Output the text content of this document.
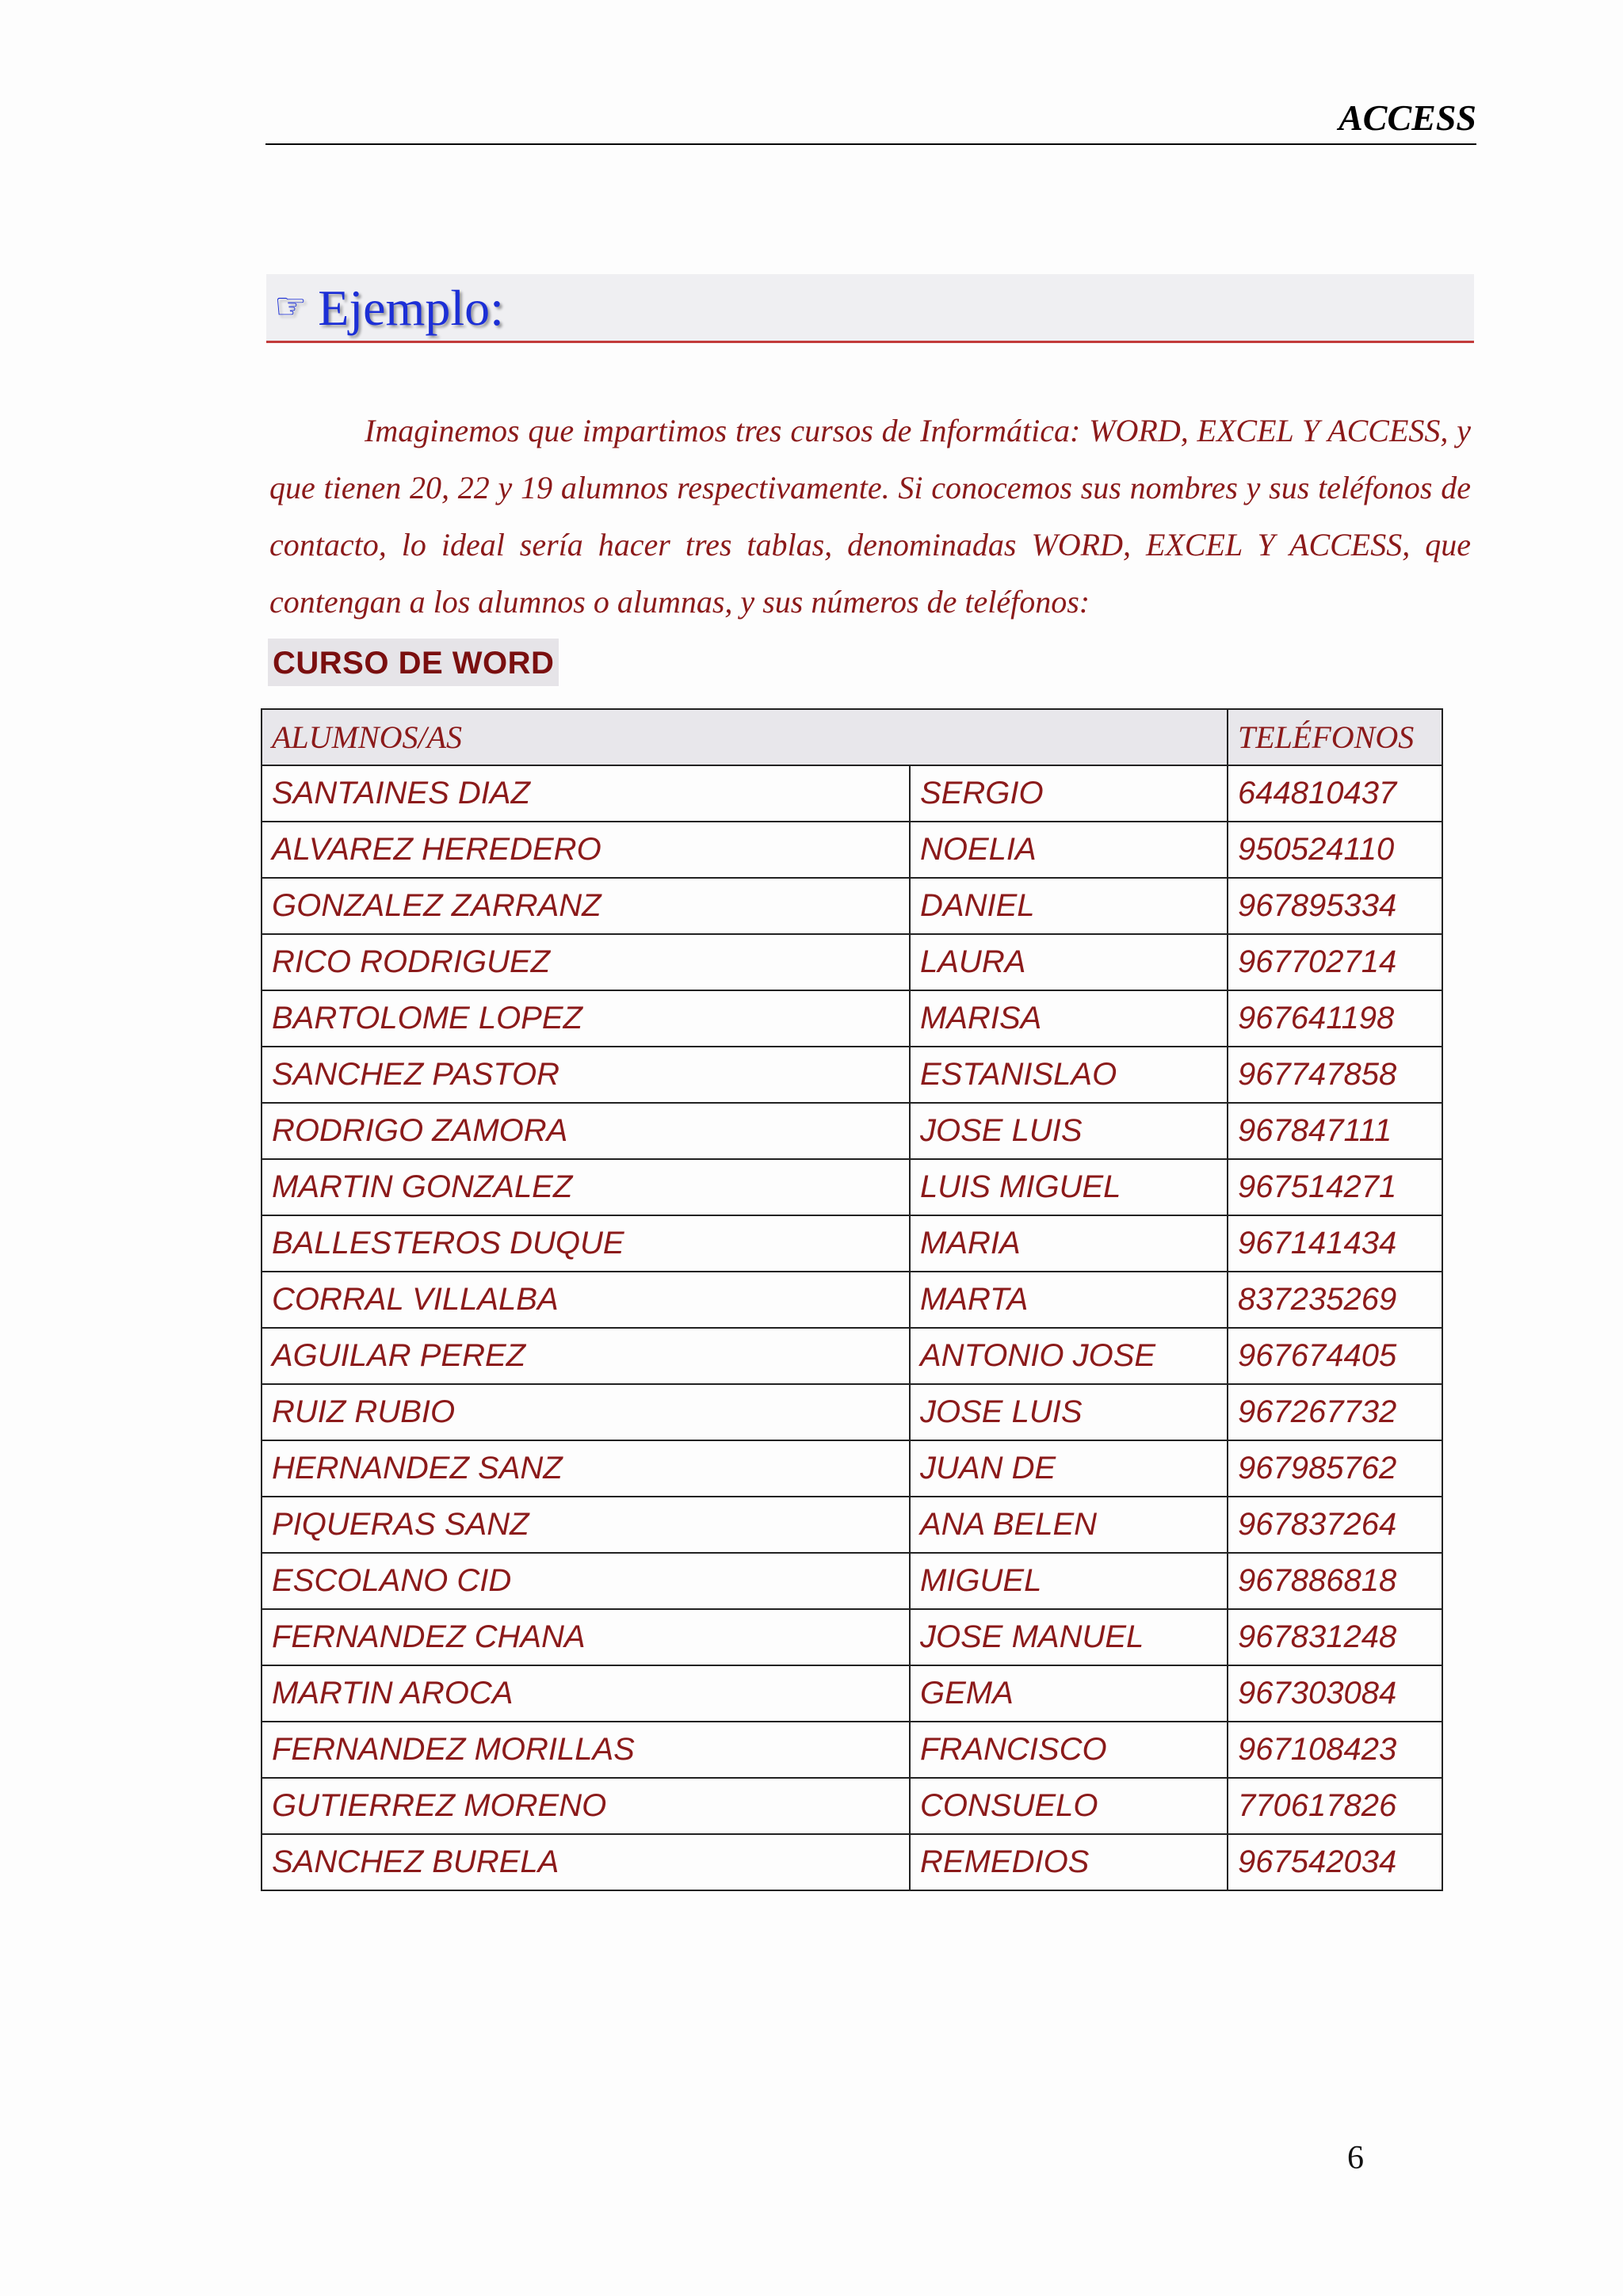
ACCESS
☞ Ejemplo:

Imaginemos que impartimos tres cursos de Informática: WORD, EXCEL Y ACCESS, y que tienen 20, 22 y 19 alumnos respectivamente. Si conocemos sus nombres y sus teléfonos de contacto, lo ideal sería hacer tres tablas, denominadas WORD, EXCEL Y ACCESS, que contengan a los alumnos o alumnas, y sus números de teléfonos:

CURSO DE WORD
ALUMNOS/AS		TELÉFONOS
SANTAINES DIAZ	SERGIO	644810437
ALVAREZ HEREDERO	NOELIA	950524110
GONZALEZ ZARRANZ	DANIEL	967895334
RICO RODRIGUEZ	LAURA	967702714
BARTOLOME LOPEZ	MARISA	967641198
SANCHEZ PASTOR	ESTANISLAO	967747858
RODRIGO ZAMORA	JOSE LUIS	967847111
MARTIN GONZALEZ	LUIS MIGUEL	967514271
BALLESTEROS DUQUE	MARIA	967141434
CORRAL VILLALBA	MARTA	837235269
AGUILAR PEREZ	ANTONIO JOSE	967674405
RUIZ RUBIO	JOSE LUIS	967267732
HERNANDEZ SANZ	JUAN DE	967985762
PIQUERAS SANZ	ANA BELEN	967837264
ESCOLANO CID	MIGUEL	967886818
FERNANDEZ CHANA	JOSE MANUEL	967831248
MARTIN AROCA	GEMA	967303084
FERNANDEZ MORILLAS	FRANCISCO	967108423
GUTIERREZ MORENO	CONSUELO	770617826
SANCHEZ BURELA	REMEDIOS	967542034
6
